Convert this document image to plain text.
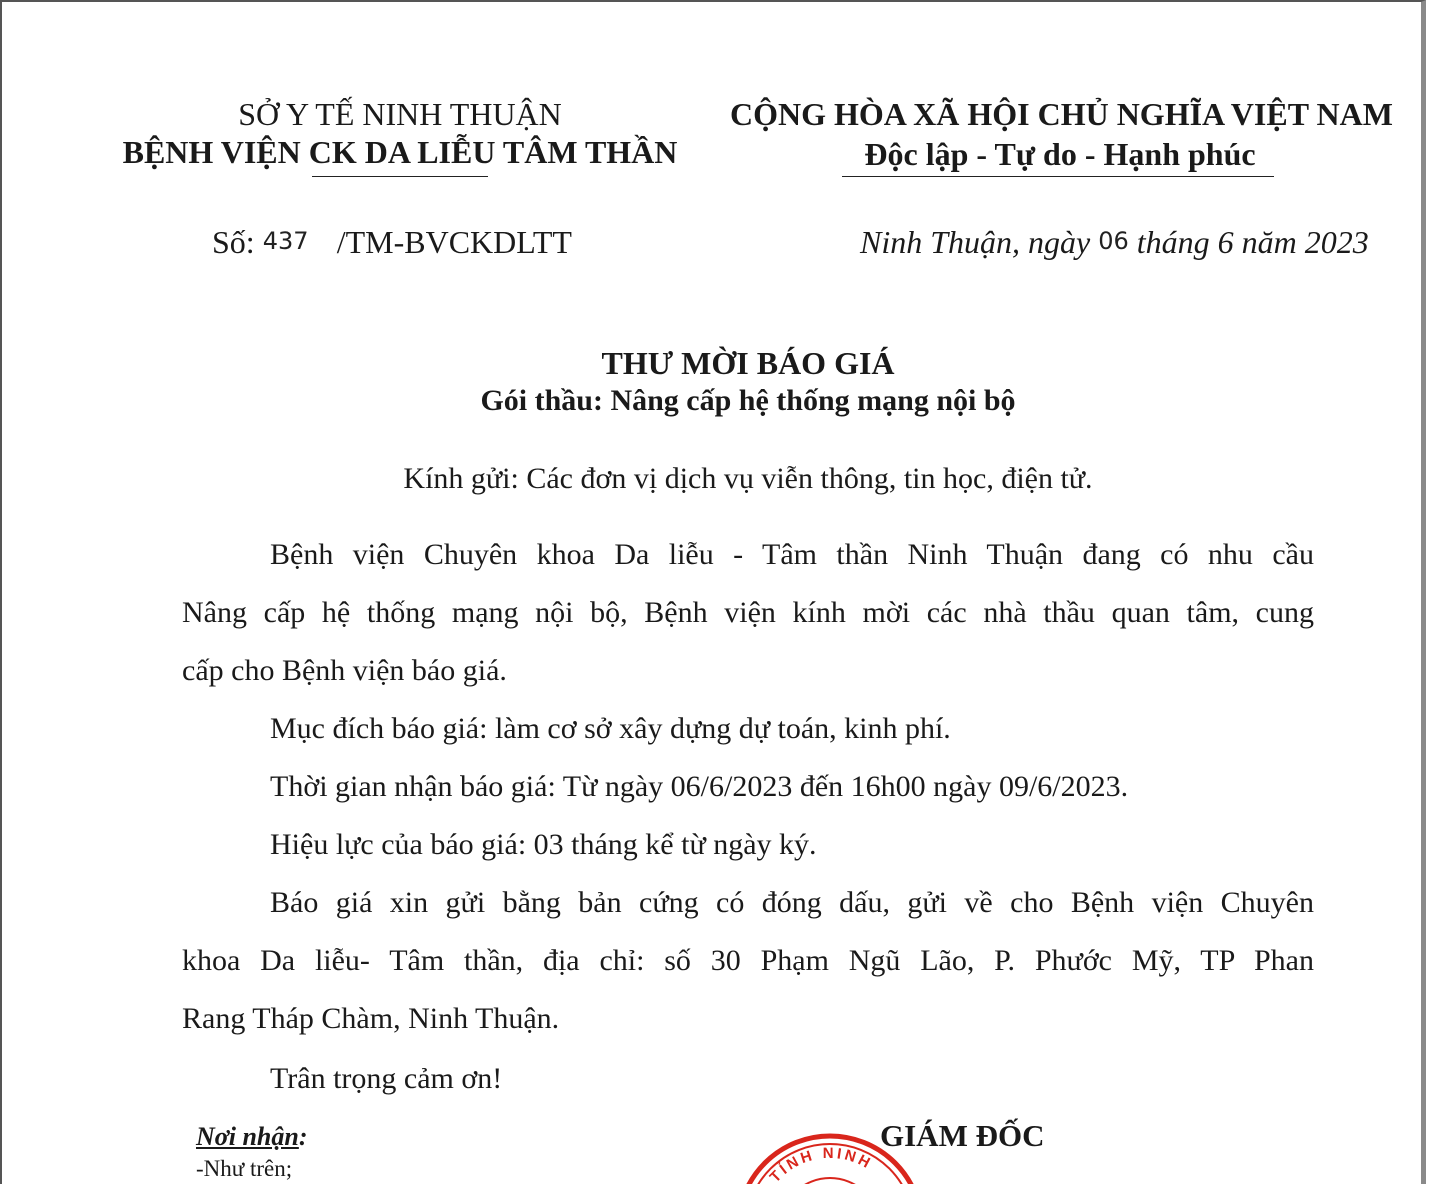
SỞ Y TẾ NINH THUẬN
BỆNH VIỆN CK DA LIỄU TÂM THẦN
CỘNG HÒA XÃ HỘI CHỦ NGHĨA VIỆT NAM
Độc lập - Tự do - Hạnh phúc
Số: 437 /TM-BVCKDLTT	Ninh Thuận, ngày 06 tháng 6 năm 2023
THƯ MỜI BÁO GIÁ
Gói thầu: Nâng cấp hệ thống mạng nội bộ
Kính gửi: Các đơn vị dịch vụ viễn thông, tin học, điện tử.
Bệnh viện Chuyên khoa Da liễu - Tâm thần Ninh Thuận đang có nhu cầu
Nâng cấp hệ thống mạng nội bộ, Bệnh viện kính mời các nhà thầu quan tâm, cung
cấp cho Bệnh viện báo giá.
Mục đích báo giá: làm cơ sở xây dựng dự toán, kinh phí.
Thời gian nhận báo giá: Từ ngày 06/6/2023 đến 16h00 ngày 09/6/2023.
Hiệu lực của báo giá: 03 tháng kể từ ngày ký.
Báo giá xin gửi bằng bản cứng có đóng dấu, gửi về cho Bệnh viện Chuyên
khoa Da liễu- Tâm thần, địa chỉ: số 30 Phạm Ngũ Lão, P. Phước Mỹ, TP Phan
Rang Tháp Chàm, Ninh Thuận.
Trân trọng cảm ơn!
Nơi nhận:
-Như trên;
GIÁM ĐỐC
TỈNH NINH
